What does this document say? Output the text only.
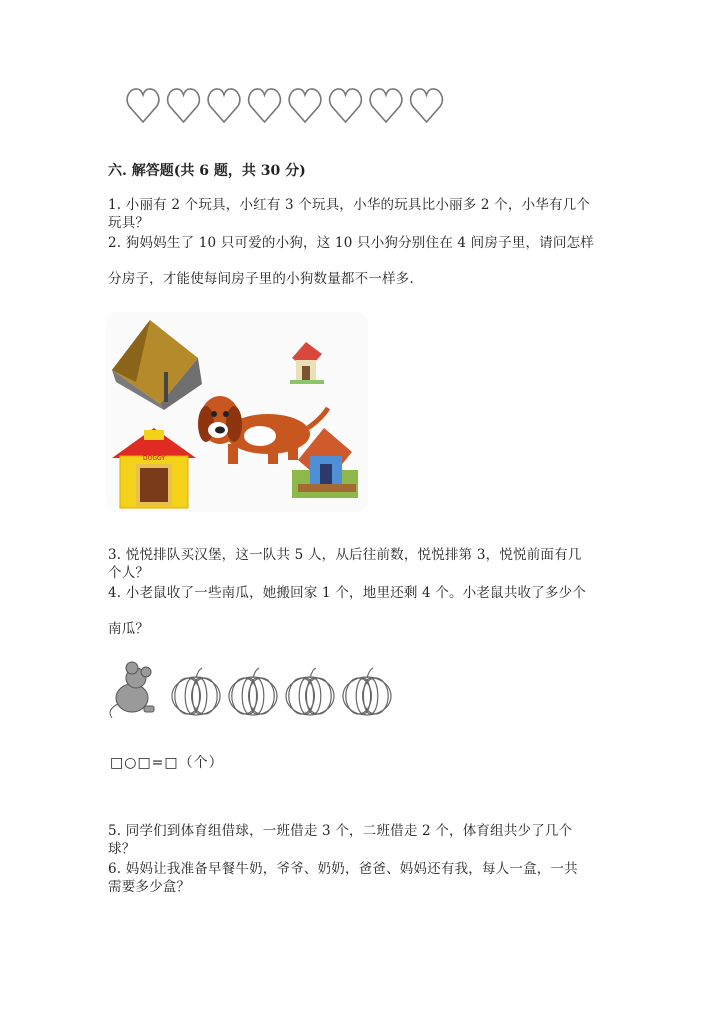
六. 解答题(共 6 题，共 30 分)
1. 小丽有 2 个玩具，小红有 3 个玩具，小华的玩具比小丽多 2 个，小华有几个
玩具？
2. 狗妈妈生了 10 只可爱的小狗，这 10 只小狗分别住在 4 间房子里，请问怎样
分房子，才能使每间房子里的小狗数量都不一样多.
DOGGY
3. 悦悦排队买汉堡，这一队共 5 人，从后往前数，悦悦排第 3，悦悦前面有几
个人？
4. 小老鼠收了一些南瓜，她搬回家 1 个，地里还剩 4 个。小老鼠共收了多少个
南瓜？
□○□=□（个）
5. 同学们到体育组借球，一班借走 3 个，二班借走 2 个，体育组共少了几个
球？
6. 妈妈让我准备早餐牛奶，爷爷、奶奶，爸爸、妈妈还有我，每人一盒，一共
需要多少盒？
